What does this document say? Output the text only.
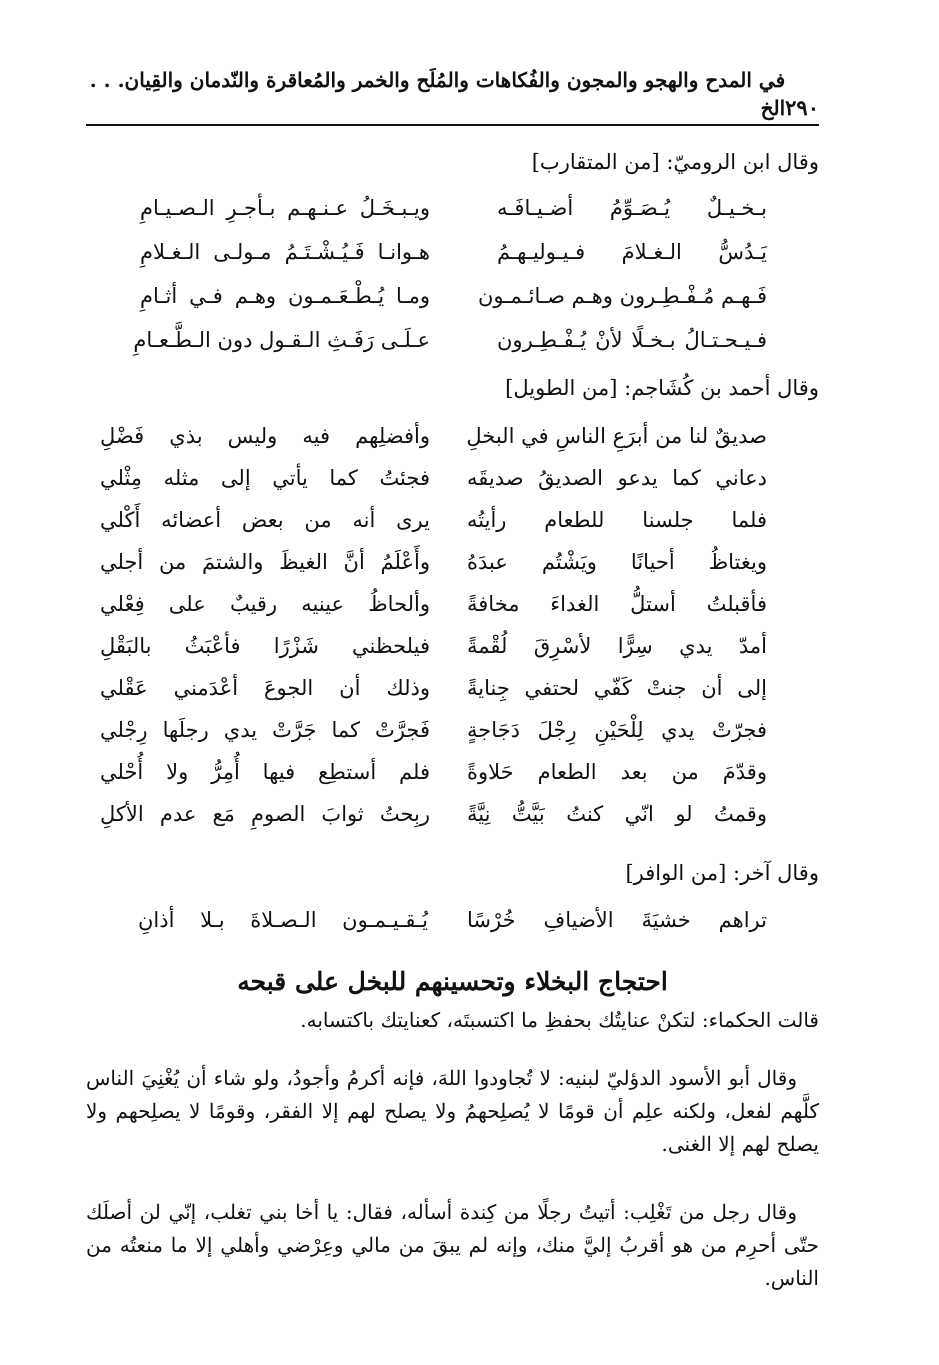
٢٩٠
في المدح والهجو والمجون والفُكاهات والمُلَح والخمر والمُعاقرة والنّدمان والقِيان. . . الخ
وقال ابن الروميّ: [من المتقارب]
بـخـيـلٌ يُـصَـوِّمُ أضـيـافَـه
ويـبـخَـلُ عـنـهـم بـأجـرِ الـصـيـامِ
يَـدُسُّ الـغـلامَ فـيـوليـهـمُ
هـوانـا فَـيُـشْـتَـمُ مـولـى الـغـلامِ
فَـهـم مُـفْـطِـرون وهـم صـائـمـون
ومـا يُـطْـعَـمـون وهـم فـي أثـامِ
فـيـحـتـالُ بـخـلًا لأنْ يُـفْـطِـرون
عـلَـى رَفَـثِ الـقـول دون الـطَّـعـامِ
وقال أحمد بن كُشَاجم: [من الطويل]
صديقٌ لنا من أبرَعِ الناسِ في البخلِ
وأفضلِهم فيه وليس بذي فَضْلِ
دعاني كما يدعو الصديقُ صديقَه
فجئتُ كما يأتي إلى مثله مِثْلي
فلما جلسنا للطعام رأيتُه
يرى أنه من بعض أعضائه أَكْلي
ويغتاظُ أحيانًا ويَشْتُم عبدَهُ
وأَعْلَمُ أنَّ الغيظَ والشتمَ من أجلي
فأقبلتُ أستلُّ الغداءَ مخافةً
وألحاظُ عينيه رقيبٌ على فِعْلي
أمدّ يدي سِرًّا لأسْرِقَ لُقْمةً
فيلحظني شَزْرًا فأعْبَثُ بالبَقْلِ
إلى أن جنتْ كَفّي لحتفي جِنايةً
وذلك أن الجوعَ أعْدَمني عَقْلي
فجرّتْ يدي لِلْحَيْنِ رِجْلَ دَجَاجةٍ
فَجرَّتْ كما جَرَّتْ يدي رجلَها رِجْلي
وقدّمَ من بعد الطعام حَلاوةً
فلم أستطِع فيها أُمِرُّ ولا أُحْلي
وقمتُ لو انّي كنتُ بَيَّتُّ نِيَّةً
ربِحتُ ثوابَ الصومِ مَع عدم الأكلِ
وقال آخر: [من الوافر]
تراهم خشيَةَ الأضيافِ خُرْسًا
يُـقـيـمـون الـصـلاةَ بـلا أذانِ
احتجاج البخلاء وتحسينهم للبخل على قبحه

قالت الحكماء: لتكنْ عنايتُك بحفظِ ما اكتسبتَه، كعنايتك باكتسابه.

وقال أبو الأسود الدؤليّ لبنيه: لا تُجاودوا اللهَ، فإنه أكرمُ وأجودُ، ولو شاء أن يُغْنِيَ الناس كلَّهم لفعل، ولكنه علِم أن قومًا لا يُصلِحهمُ ولا يصلح لهم إلا الفقر، وقومًا لا يصلِحهم ولا يصلح لهم إلا الغنى.

وقال رجل من تَغْلِب: أتيتُ رجلًا من كِندة أسأله، فقال: يا أخا بني تغلب، إنّي لن أصلَك حتّى أحرِم من هو أقربُ إليَّ منك، وإنه لم يبقَ من مالي وعِرْضي وأهلي إلا ما منعتُه من الناس.
